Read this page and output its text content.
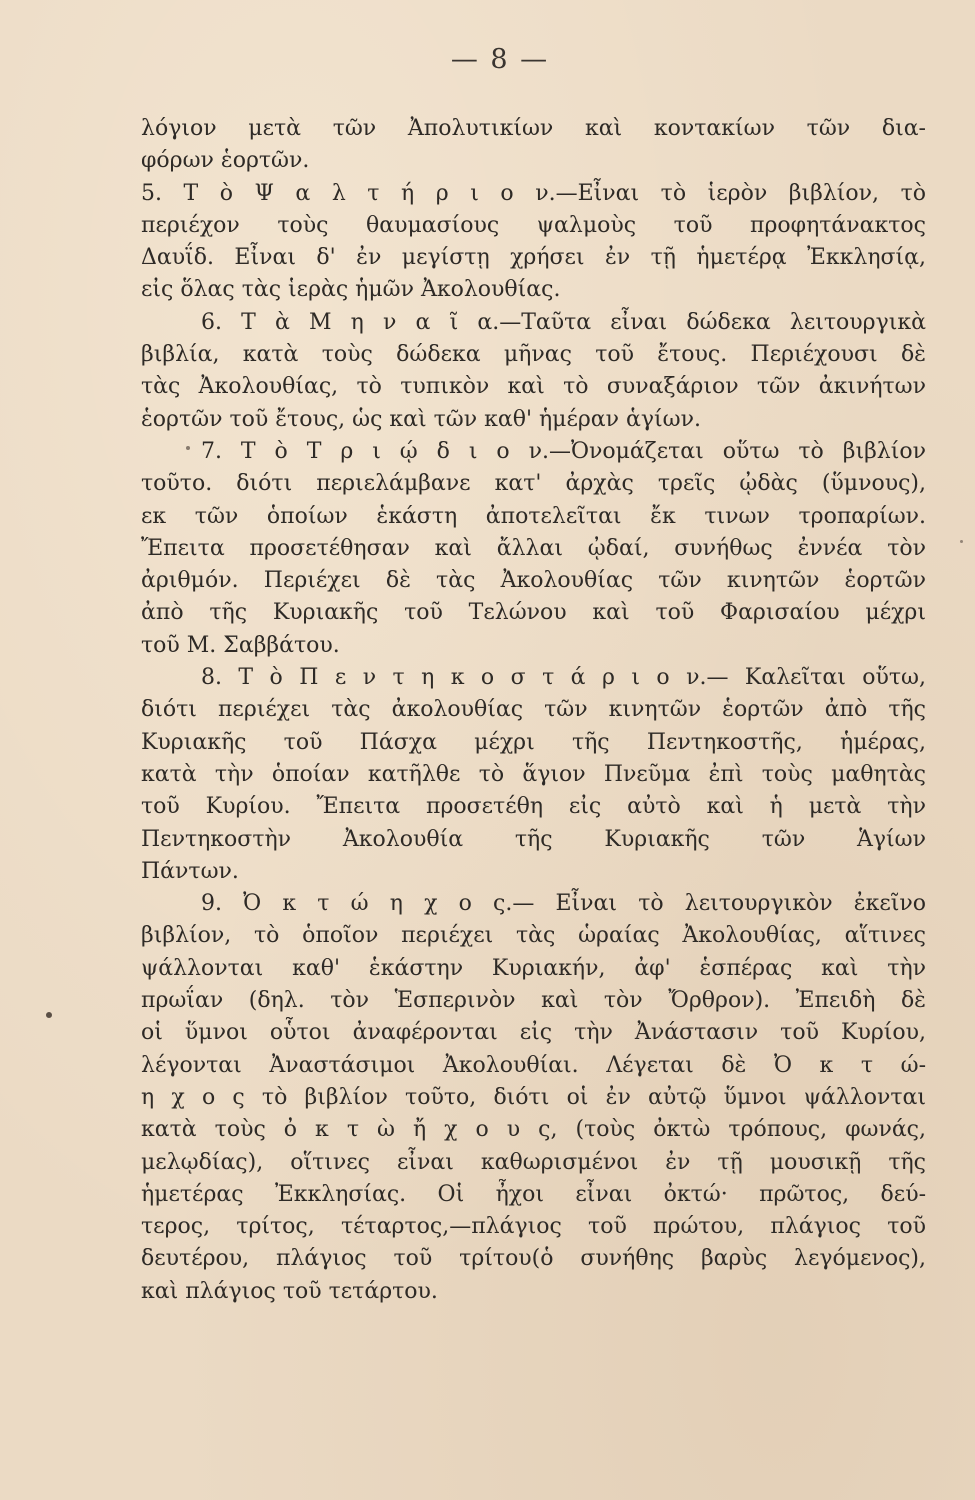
— 8 —
λόγιον μετὰ τῶν Ἀπολυτικίων καὶ κοντακίων τῶν δια-
φόρων ἑορτῶν.
5. Τ ὸ Ψ α λ τ ή ρ ι ο ν.—Εἶναι τὸ ἱερὸν βιβλίον, τὸ
περιέχον τοὺς θαυμασίους ψαλμοὺς τοῦ προφητάνακτος
Δαυΐδ. Εἶναι δ' ἐν μεγίστῃ χρήσει ἐν τῇ ἡμετέρᾳ Ἐκκλησίᾳ,
εἰς ὅλας τὰς ἱερὰς ἡμῶν Ἀκολουθίας.
6. Τ ὰ Μ η ν α ῖ α.—Ταῦτα εἶναι δώδεκα λειτουργικὰ
βιβλία, κατὰ τοὺς δώδεκα μῆνας τοῦ ἔτους. Περιέχουσι δὲ
τὰς Ἀκολουθίας, τὸ τυπικὸν καὶ τὸ συναξάριον τῶν ἀκινήτων
ἑορτῶν τοῦ ἔτους, ὡς καὶ τῶν καθ' ἡμέραν ἁγίων.
7. Τ ὸ Τ ρ ι ῴ δ ι ο ν.—Ὀνομάζεται οὕτω τὸ βιβλίον
τοῦτο. διότι περιελάμβανε κατ' ἀρχὰς τρεῖς ᾠδὰς (ὕμνους),
εκ τῶν ὁποίων ἑκάστη ἀποτελεῖται ἔκ τινων τροπαρίων.
Ἔπειτα προσετέθησαν καὶ ἄλλαι ᾠδαί, συνήθως ἐννέα τὸν
ἀριθμόν. Περιέχει δὲ τὰς Ἀκολουθίας τῶν κινητῶν ἑορτῶν
ἀπὸ τῆς Κυριακῆς τοῦ Τελώνου καὶ τοῦ Φαρισαίου μέχρι
τοῦ Μ. Σαββάτου.
8. Τ ὸ Π ε ν τ η κ ο σ τ ά ρ ι ο ν.— Καλεῖται οὕτω,
διότι περιέχει τὰς ἀκολουθίας τῶν κινητῶν ἑορτῶν ἀπὸ τῆς
Κυριακῆς τοῦ Πάσχα μέχρι τῆς Πεντηκοστῆς, ἡμέρας,
κατὰ τὴν ὁποίαν κατῆλθε τὸ ἅγιον Πνεῦμα ἐπὶ τοὺς μαθητὰς
τοῦ Κυρίου. Ἔπειτα προσετέθη εἰς αὐτὸ καὶ ἡ μετὰ τὴν
Πεντηκοστὴν Ἀκολουθία τῆς Κυριακῆς τῶν Ἁγίων
Πάντων.
9. Ὀ κ τ ώ η χ ο ς.— Εἶναι τὸ λειτουργικὸν ἐκεῖνο
βιβλίον, τὸ ὁποῖον περιέχει τὰς ὡραίας Ἀκολουθίας, αἵτινες
ψάλλονται καθ' ἑκάστην Κυριακήν, ἀφ' ἑσπέρας καὶ τὴν
πρωΐαν (δηλ. τὸν Ἑσπερινὸν καὶ τὸν Ὄρθρον). Ἐπειδὴ δὲ
οἱ ὕμνοι οὗτοι ἀναφέρονται εἰς τὴν Ἀνάστασιν τοῦ Κυρίου,
λέγονται Ἀναστάσιμοι Ἀκολουθίαι. Λέγεται δὲ Ὀ κ τ ώ-
η χ ο ς τὸ βιβλίον τοῦτο, διότι οἱ ἐν αὐτῷ ὕμνοι ψάλλονται
κατὰ τοὺς ὀ κ τ ὼ ἤ χ ο υ ς, (τοὺς ὀκτὼ τρόπους, φωνάς,
μελῳδίας), οἵτινες εἶναι καθωρισμένοι ἐν τῇ μουσικῇ τῆς
ἡμετέρας Ἐκκλησίας. Οἱ ἦχοι εἶναι ὀκτώ· πρῶτος, δεύ-
τερος, τρίτος, τέταρτος,—πλάγιος τοῦ πρώτου, πλάγιος τοῦ
δευτέρου, πλάγιος τοῦ τρίτου(ὁ συνήθης βαρὺς λεγόμενος),
καὶ πλάγιος τοῦ τετάρτου.
